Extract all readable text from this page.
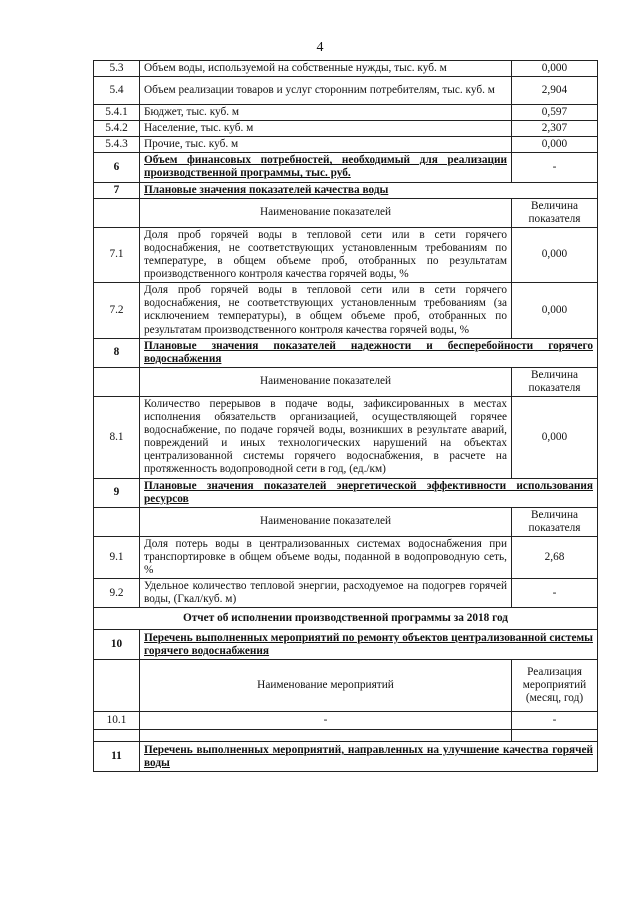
4
5.3	Объем воды, используемой на собственные нужды, тыс. куб. м	0,000
5.4	Объем реализации товаров и услуг сторонним потребителям, тыс. куб. м	2,904
5.4.1	Бюджет, тыс. куб. м	0,597
5.4.2	Население, тыс. куб. м	2,307
5.4.3	Прочие, тыс. куб. м	0,000
6	Объем финансовых потребностей, необходимый для реализации производственной программы, тыс. руб.	-
7	Плановые значения показателей качества воды	
	Наименование показателей	Величина показателя
7.1	Доля проб горячей воды в тепловой сети или в сети горячего водоснабжения, не соответствующих установленным требованиям по температуре, в общем объеме проб, отобранных по результатам производственного контроля качества горячей воды, %	0,000
7.2	Доля проб горячей воды в тепловой сети или в сети горячего водоснабжения, не соответствующих установленным требованиям (за исключением температуры), в общем объеме проб, отобранных по результатам производственного контроля качества горячей воды, %	0,000
8	Плановые значения показателей надежности и бесперебойности горячего водоснабжения	
	Наименование показателей	Величина показателя
8.1	Количество перерывов в подаче воды, зафиксированных в местах исполнения обязательств организацией, осуществляющей горячее водоснабжение, по подаче горячей воды, возникших в результате аварий, повреждений и иных технологических нарушений на объектах централизованной системы горячего водоснабжения, в расчете на протяженность водопроводной сети в год, (ед./км)	0,000
9	Плановые значения показателей энергетической эффективности использования ресурсов	
	Наименование показателей	Величина показателя
9.1	Доля потерь воды в централизованных системах водоснабжения при транспортировке в общем объеме воды, поданной в водопроводную сеть, %	2,68
9.2	Удельное количество тепловой энергии, расходуемое на подогрев горячей воды, (Гкал/куб. м)	-
Отчет об исполнении производственной программы за 2018 год		
10	Перечень выполненных мероприятий по ремонту объектов централизованной системы горячего водоснабжения	
	Наименование мероприятий	Реализация мероприятий (месяц, год)
10.1	-	-

11	Перечень выполненных мероприятий, направленных на улучшение качества горячей воды	
